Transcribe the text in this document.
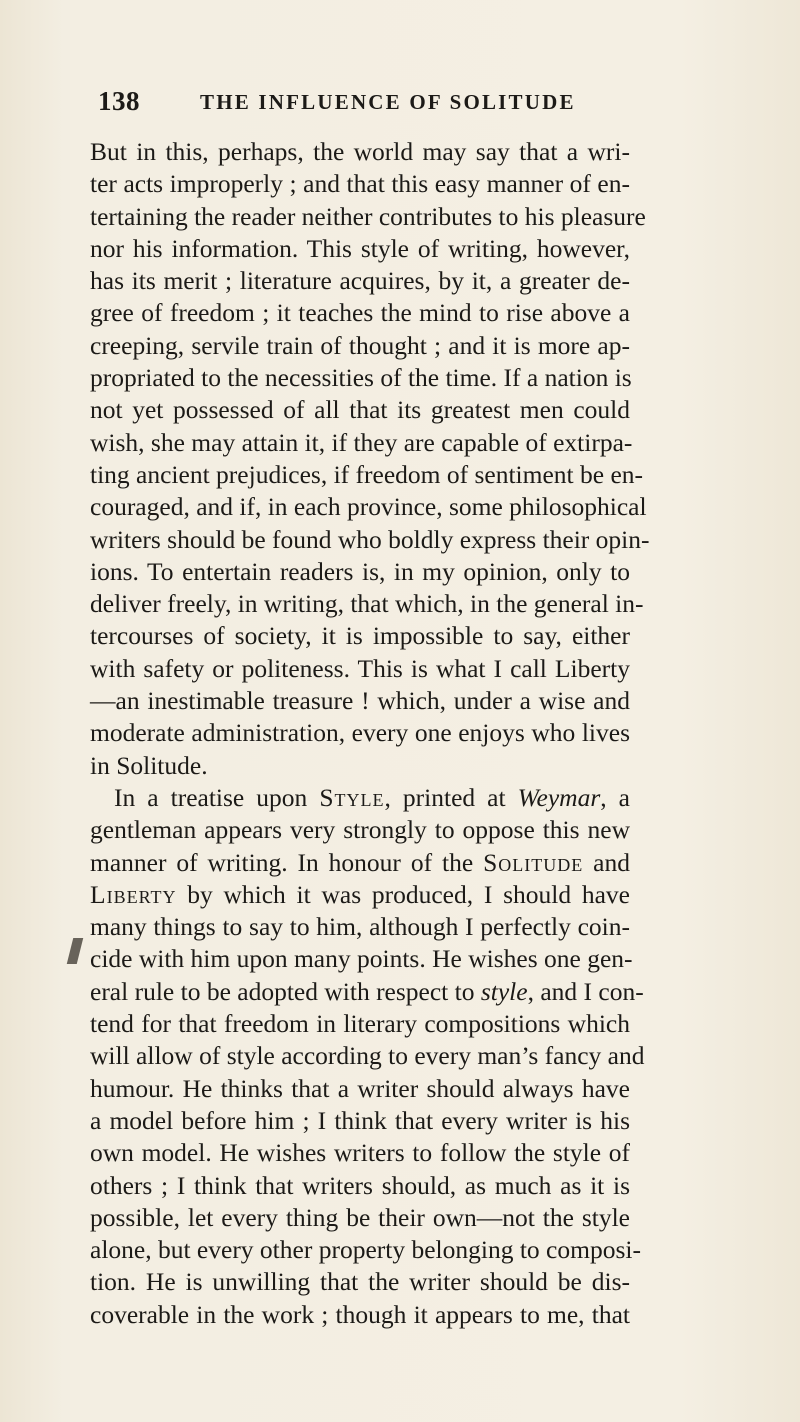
138	THE INFLUENCE OF SOLITUDE
But in this, perhaps, the world may say that a wri-
ter acts improperly ; and that this easy manner of en-
tertaining the reader neither contributes to his pleasure
nor his information. This style of writing, however,
has its merit ; literature acquires, by it, a greater de-
gree of freedom ; it teaches the mind to rise above a
creeping, servile train of thought ; and it is more ap-
propriated to the necessities of the time. If a nation is
not yet possessed of all that its greatest men could
wish, she may attain it, if they are capable of extirpa-
ting ancient prejudices, if freedom of sentiment be en-
couraged, and if, in each province, some philosophical
writers should be found who boldly express their opin-
ions. To entertain readers is, in my opinion, only to
deliver freely, in writing, that which, in the general in-
tercourses of society, it is impossible to say, either
with safety or politeness. This is what I call Liberty
—an inestimable treasure ! which, under a wise and
moderate administration, every one enjoys who lives
in Solitude.
In a treatise upon Style, printed at Weymar, a
gentleman appears very strongly to oppose this new
manner of writing. In honour of the Solitude and
Liberty by which it was produced, I should have
many things to say to him, although I perfectly coin-
cide with him upon many points. He wishes one gen-
eral rule to be adopted with respect to style, and I con-
tend for that freedom in literary compositions which
will allow of style according to every man’s fancy and
humour. He thinks that a writer should always have
a model before him ; I think that every writer is his
own model. He wishes writers to follow the style of
others ; I think that writers should, as much as it is
possible, let every thing be their own—not the style
alone, but every other property belonging to composi-
tion. He is unwilling that the writer should be dis-
coverable in the work ; though it appears to me, that
